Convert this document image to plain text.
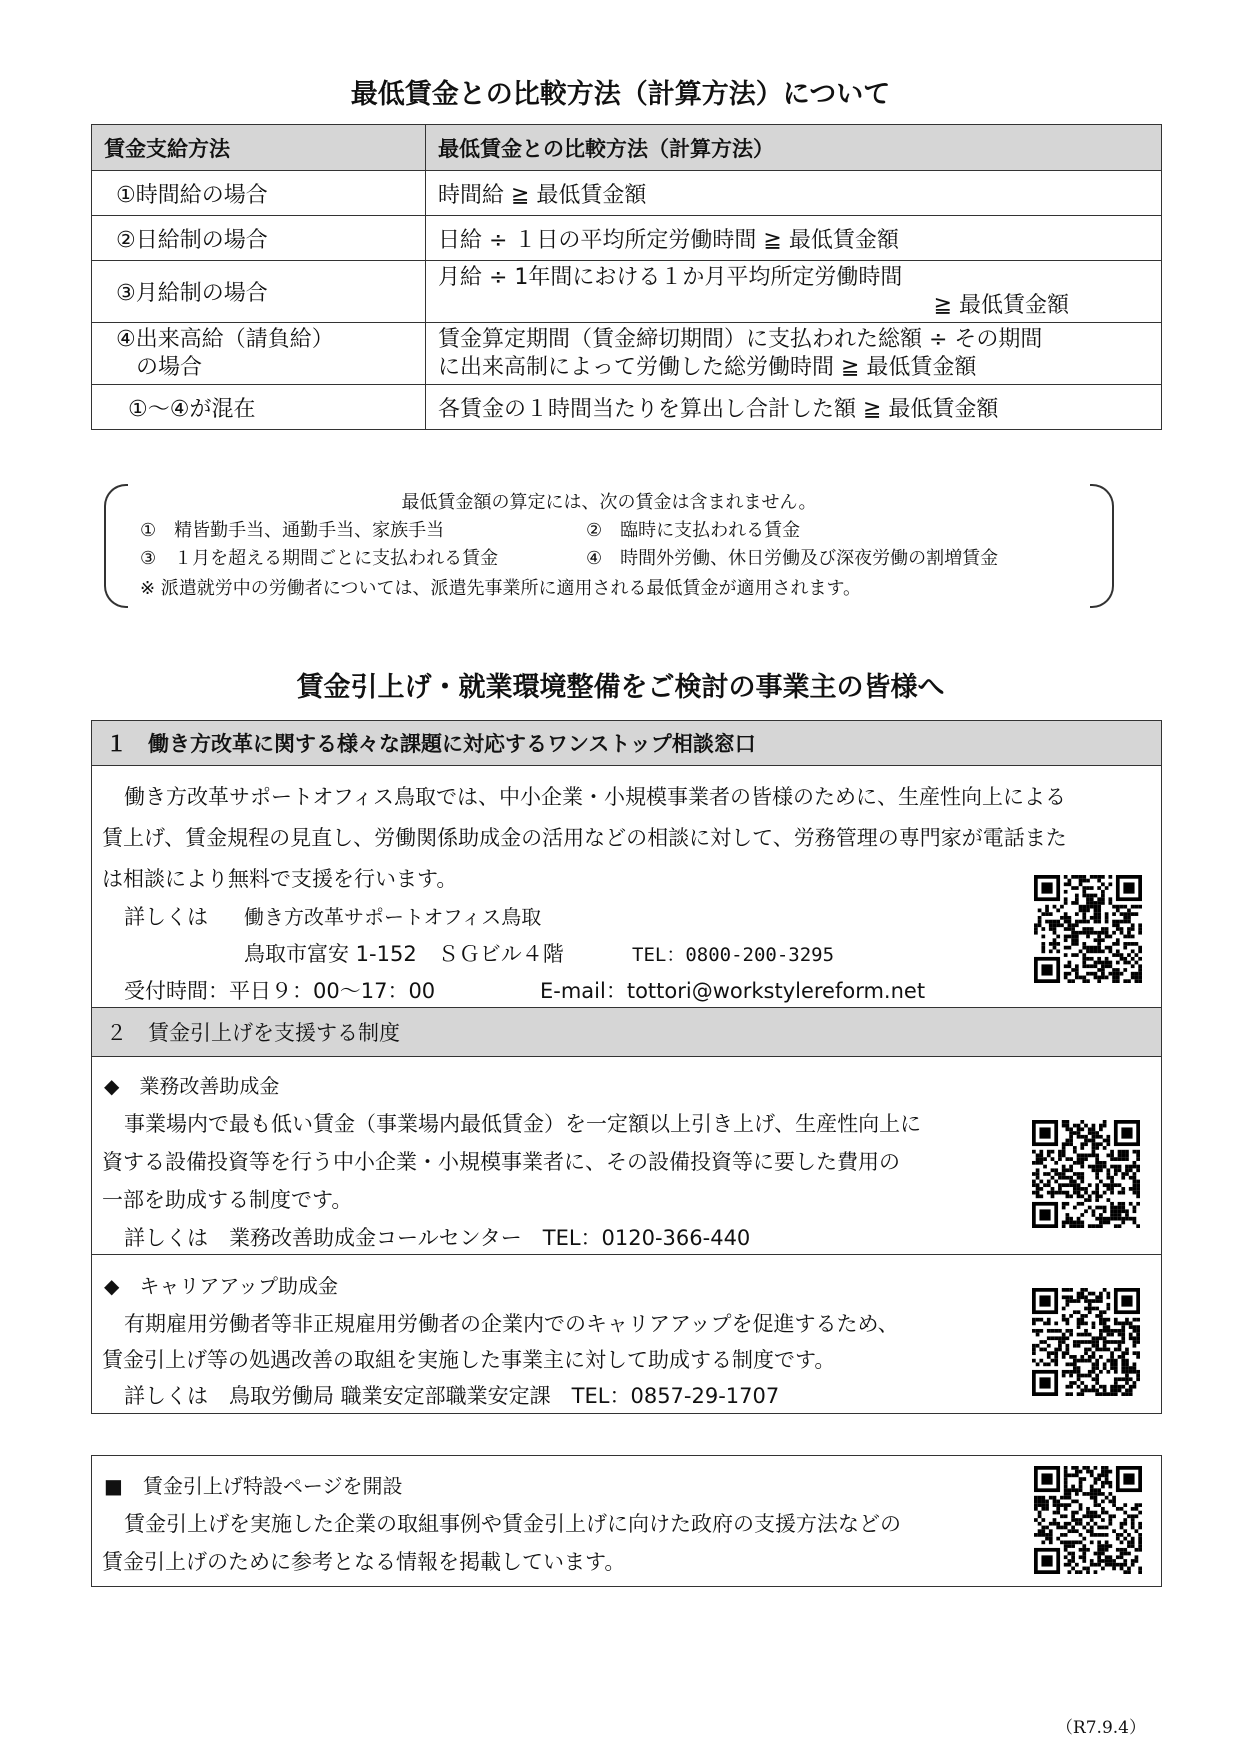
最低賃金との比較方法（計算方法）について
賃金支給方法	最低賃金との比較方法（計算方法）
①時間給の場合	時間給 ≧ 最低賃金額
②日給制の場合	日給 ÷ １日の平均所定労働時間 ≧ 最低賃金額
③月給制の場合	月給 ÷ 1年間における１か月平均所定労働時間
≧ 最低賃金額

④出来高給（請負給）
の場合	賃金算定期間（賃金締切期間）に支払われた総額 ÷ その期間
に出来高制によって労働した総労働時間 ≧ 最低賃金額

①～④が混在	各賃金の１時間当たりを算出し合計した額 ≧ 最低賃金額
最低賃金額の算定には、次の賃金は含まれません。
①　精皆勤手当、通勤手当、家族手当	②　臨時に支払われる賃金
③　１月を超える期間ごとに支払われる賃金	④　時間外労働、休日労働及び深夜労働の割増賃金
※ 派遣就労中の労働者については、派遣先事業所に適用される最低賃金が適用されます。
賃金引上げ・就業環境整備をご検討の事業主の皆様へ
１　働き方改革に関する様々な課題に対応するワンストップ相談窓口
働き方改革サポートオフィス鳥取では、中小企業・小規模事業者の皆様のために、生産性向上による
賃上げ、賃金規程の見直し、労働関係助成金の活用などの相談に対して、労務管理の専門家が電話また
は相談により無料で支援を行います。
詳しくは 働き方改革サポートオフィス鳥取
鳥取市富安 1-152　ＳＧビル４階	TEL：0800-200-3295
受付時間：平日９：00～17：00	E-mail：tottori@workstylereform.net
２　賃金引上げを支援する制度
◆　業務改善助成金
事業場内で最も低い賃金（事業場内最低賃金）を一定額以上引き上げ、生産性向上に
資する設備投資等を行う中小企業・小規模事業者に、その設備投資等に要した費用の
一部を助成する制度です。
詳しくは　業務改善助成金コールセンター　TEL：0120-366-440
◆　キャリアアップ助成金
有期雇用労働者等非正規雇用労働者の企業内でのキャリアアップを促進するため、
賃金引上げ等の処遇改善の取組を実施した事業主に対して助成する制度です。
詳しくは　鳥取労働局 職業安定部職業安定課　TEL：0857-29-1707
■　賃金引上げ特設ページを開設
賃金引上げを実施した企業の取組事例や賃金引上げに向けた政府の支援方法などの
賃金引上げのために参考となる情報を掲載しています。
（R7.9.4）
